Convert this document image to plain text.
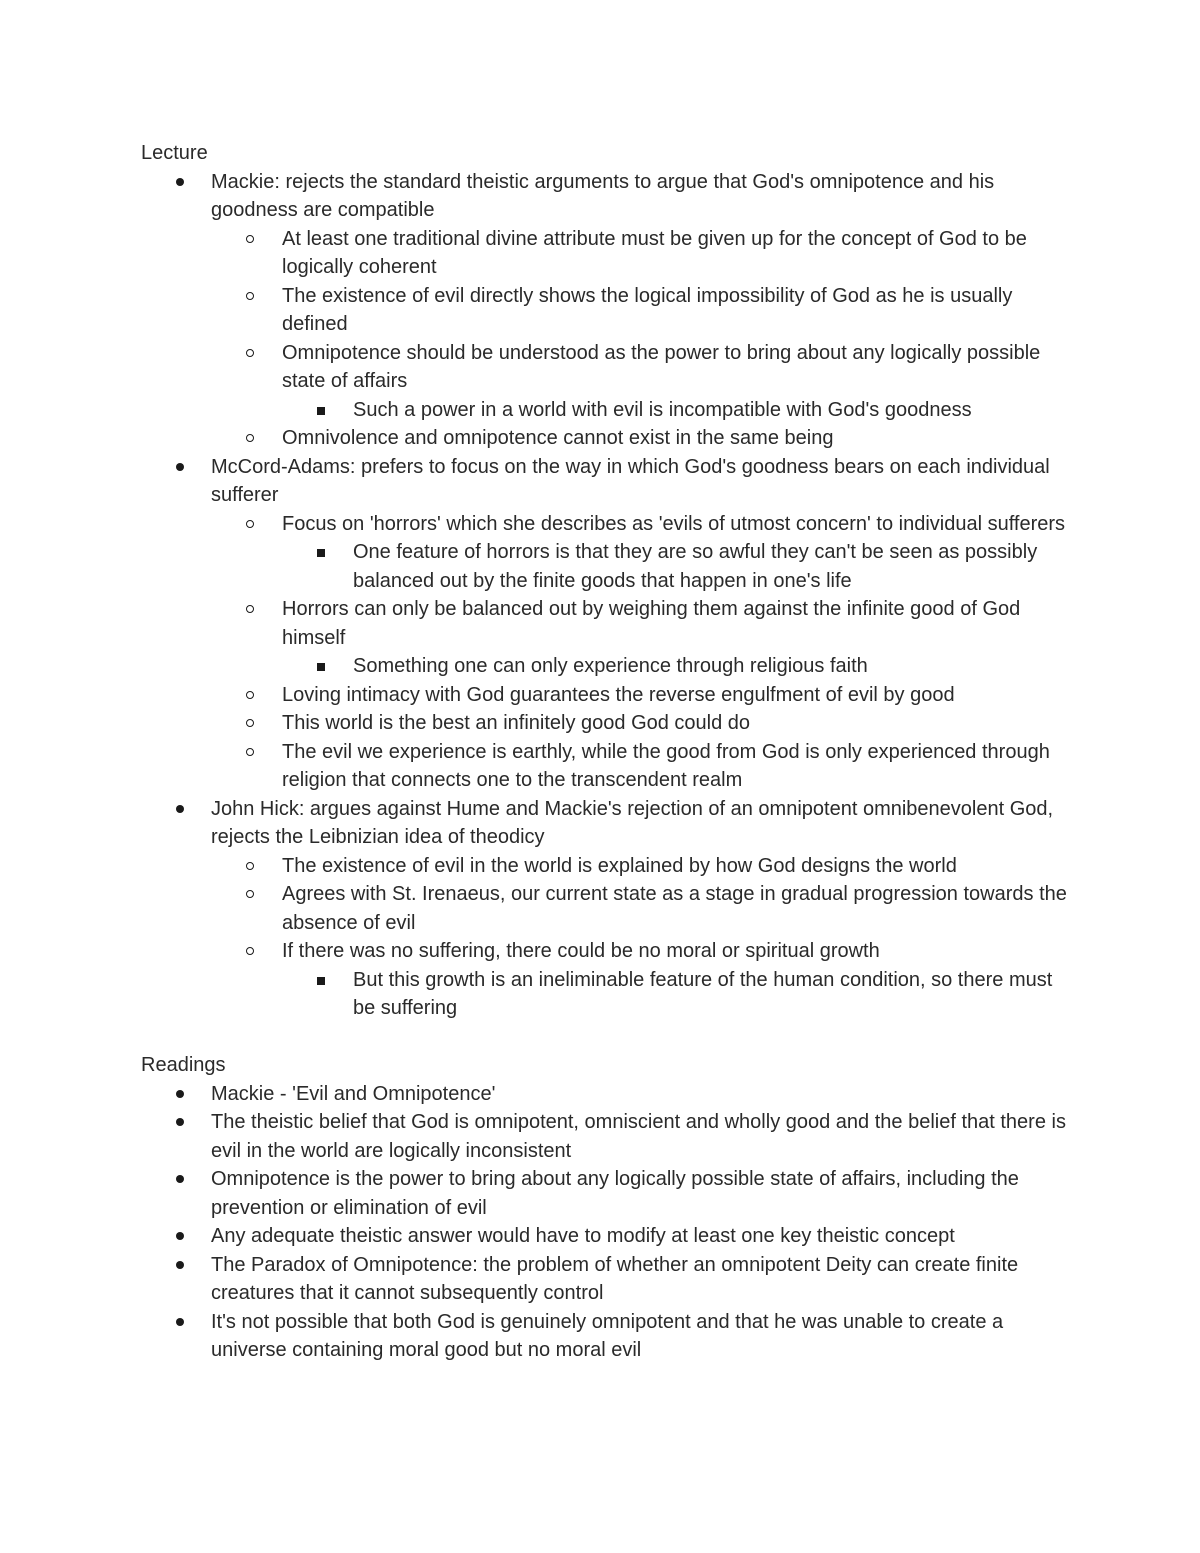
Lecture
Mackie: rejects the standard theistic arguments to argue that God's omnipotence and his goodness are compatible
At least one traditional divine attribute must be given up for the concept of God to be logically coherent
The existence of evil directly shows the logical impossibility of God as he is usually defined
Omnipotence should be understood as the power to bring about any logically possible state of affairs
Such a power in a world with evil is incompatible with God's goodness
Omnivolence and omnipotence cannot exist in the same being
McCord-Adams: prefers to focus on the way in which God's goodness bears on each individual sufferer
Focus on 'horrors' which she describes as 'evils of utmost concern' to individual sufferers
One feature of horrors is that they are so awful they can't be seen as possibly balanced out by the finite goods that happen in one's life
Horrors can only be balanced out by weighing them against the infinite good of God himself
Something one can only experience through religious faith
Loving intimacy with God guarantees the reverse engulfment of evil by good
This world is the best an infinitely good God could do
The evil we experience is earthly, while the good from God is only experienced through religion that connects one to the transcendent realm
John Hick: argues against Hume and Mackie's rejection of an omnipotent omnibenevolent God, rejects the Leibnizian idea of theodicy
The existence of evil in the world is explained by how God designs the world
Agrees with St. Irenaeus, our current state as a stage in gradual progression towards the absence of evil
If there was no suffering, there could be no moral or spiritual growth
But this growth is an ineliminable feature of the human condition, so there must be suffering
Readings
Mackie - 'Evil and Omnipotence'
The theistic belief that God is omnipotent, omniscient and wholly good and the belief that there is evil in the world are logically inconsistent
Omnipotence is the power to bring about any logically possible state of affairs, including the prevention or elimination of evil
Any adequate theistic answer would have to modify at least one key theistic concept
The Paradox of Omnipotence: the problem of whether an omnipotent Deity can create finite creatures that it cannot subsequently control
It's not possible that both God is genuinely omnipotent and that he was unable to create a universe containing moral good but no moral evil
